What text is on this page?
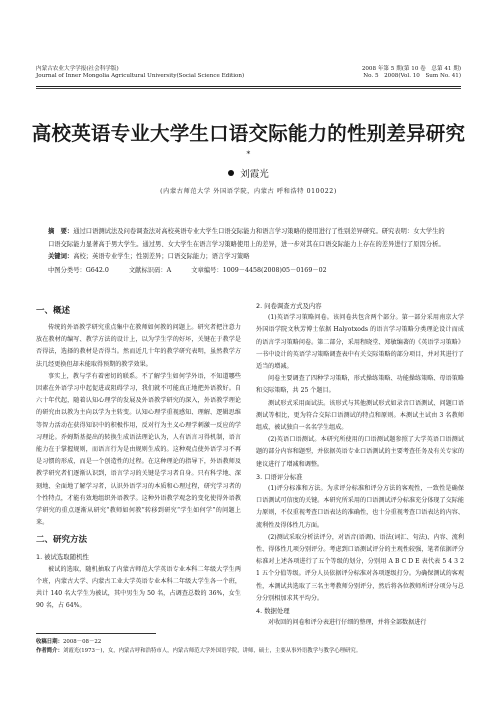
内蒙古农业大学学报(社会科学版)
Journal of Inner Mongolia Agricultural University(Social Science Edition)
2008 年第 5 期(第 10 卷　总第 41 期)
No. 5　2008(Vol. 10　Sum No. 41)
高校英语专业大学生口语交际能力的性别差异研究*
刘霞光
(内蒙古师范大学 外国语学院，内蒙古 呼和浩特 010022)
摘　要：通过口语测试法及问卷调查法对高校英语专业大学生口语交际能力和语言学习策略的使用进行了性别差异研究。研究表明：女大学生的口语交际能力显著高于男大学生。通过男、女大学生在语言学习策略使用上的差异，进一步对其在口语交际能力上存在的差异进行了原因分析。
关键词：高校；英语专业学生；性别差异；口语交际能力；语言学习策略
中图分类号：G642.0	文献标识码：A	文章编号：1009－4458(2008)05－0169－02
一、概述
传统的外语教学研究重点集中在教师如何教的问题上。研究者把注意力放在教材的编写、教学方法的设计上，以为学生学的好坏，关键在于教学是否得法，选择的教材是否得当。然而近几十年的教学研究表明，虽然教学方法几经更换但却未能取得预期的教学效果。
事实上，教与学有着密切的联系。不了解学生如何学外语，不知道哪些因素在外语学习中起促进或阻碍学习，我们就不可能真正地把外语教好。自六十年代起，随着认知心理学的发展及外语教学研究的深入，外语教学理论的研究由以教为主向以学为主转变。认知心理学重视感知、理解、逻辑思维等智力活动在获得知识中的积极作用，反对行为主义心理学刺激一反应的学习理论。乔姆斯基提出的转换生成语法理论认为，人有语言习得机制，语言能力在于掌握规则，而语言行为是由规则生成的。这种观点使外语学习不再是习惯的形成，而是一个创造性的过程。在这种理论的指导下，外语教师及教学研究者们逐渐认识到，语言学习的关键是学习者自身。只有科学地、深刻地、全面地了解学习者，认识外语学习的本质和心理过程，研究学习者的个性特点，才能有效地组织外语教学。这种外语教学观念的变化使得外语教学研究的重点逐渐从研究“教师如何教”转移到研究“学生如何学”的问题上来。
二、研究方法
1. 被试选取随机性
被试的选取，随机抽取了内蒙古师范大学英语专业本科二年级大学生两个班，内蒙古大学、内蒙古工业大学英语专业本科二年级大学生各一个班，共计 140 名大学生为被试，其中男生为 50 名，占调查总数的 36%，女生 90 名，占 64%。
2. 问卷调查方式及内容
(1)英语学习策略问卷。该问卷共包含两个部分。第一部分采用南京大学外国语学院文秋芳博士依据 Halyotxods 的语言学习策略分类理论设计而成的语言学习策略问卷。第二部分，采用程晓堂、郑敏编著的《英语学习策略》一书中设计的英语学习策略调查表中有关交际策略的部分项目，并对其进行了适当的增减。
问卷主要调查了四种学习策略，形式操练策略、功能操练策略、母语策略和交际策略，共 25 个题目。
测试形式采用面试法。该形式与其他测试形式如录音口语测试、问题口语测试等相比，更为符合交际口语测试的特点和原则。本测试主试由 3 名教师组成，被试独自一名名学生组成。
(2)英语口语测试。本研究所使用的口语测试题参照了大学英语口语测试题的部分内容和题型，并依据英语专业口语测试的主要考查任务及有关专家的建议进行了增减和调整。
3. 口语评分标准
(1)评分标准和方法。为求评分标准和评分方法的客观性，一致性是确保口语测试可信度的关键。本研究所采用的口语测试评分标准充分体现了交际能力原则，不仅重视考查口语表达的准确性，也十分重视考查口语表达的内容、流利性及得体性几方面。
(2)测试采取分析法评分，对语音(语调)、语法(词汇、句法)、内容、流利性、得体性几项分别评分。考虑到口语测试评分的主观性较强，笔者依据评分标准对上述各项进行了五个等级的划分，分别用 A B C D E 表代表 5 4 3 2 1 五个分值等级。评分人员依据评分标准对各项逐级打分。为确保测试的客观性，本测试共选取了三名主考教师分别评分，然后将各位教师所评分项分与总分分别相加求其平均分。
4. 数据处理
对收回的问卷和评分表进行仔细的整理，并将全部数据进行
收稿日期：2008－08－22
作者简介：刘霞光(1973－)，女，内蒙古呼和浩特市人，内蒙古师范大学外国语学院，讲师，硕士，主要从事外语教学与教学心理研究。
